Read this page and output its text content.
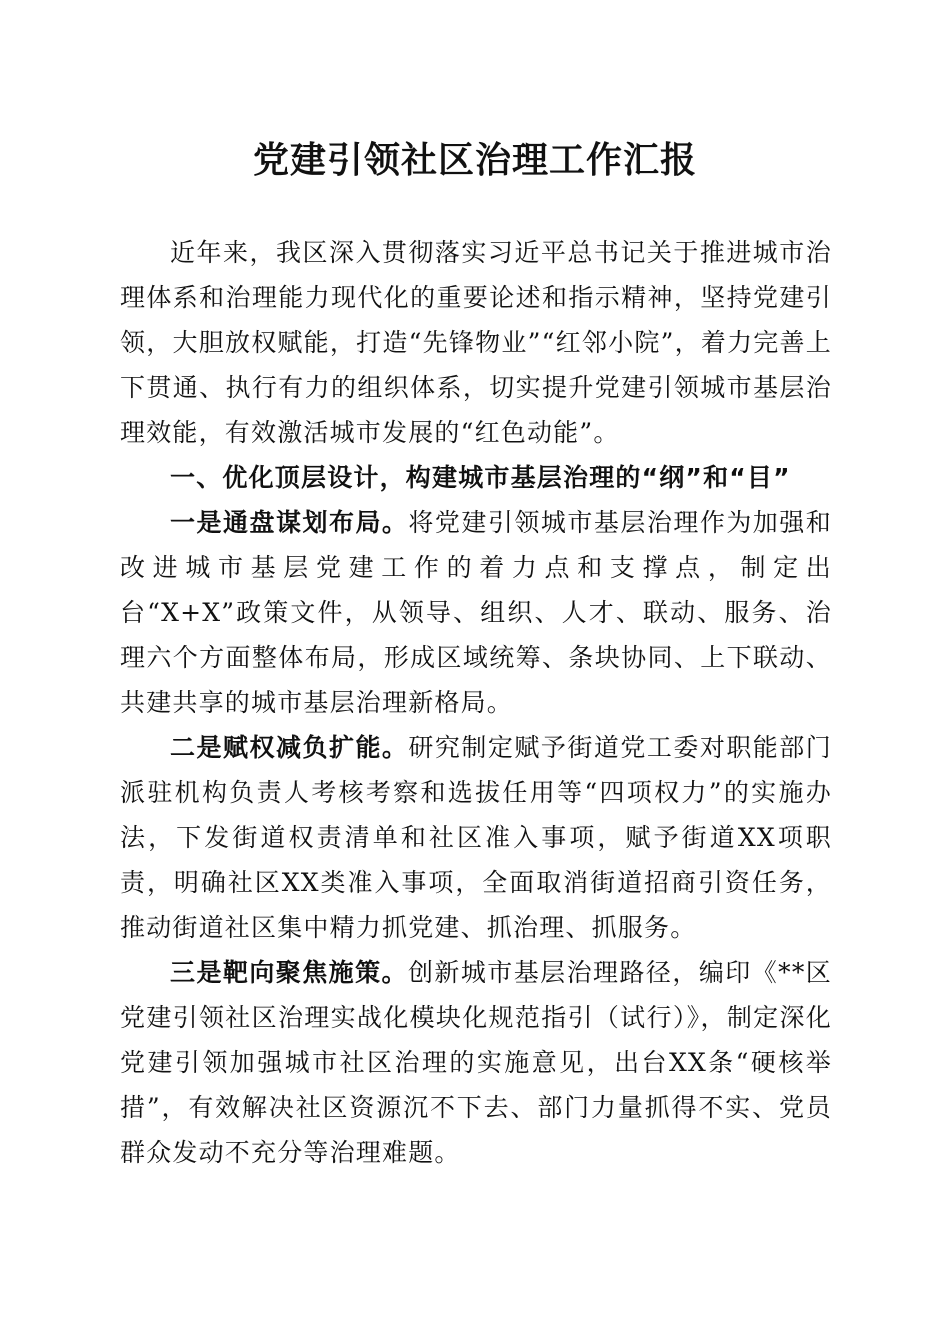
党建引领社区治理工作汇报

近年来，我区深入贯彻落实习近平总书记关于推进城市治理体系和治理能力现代化的重要论述和指示精神，坚持党建引领，大胆放权赋能，打造“先锋物业”“红邻小院”，着力完善上下贯通、执行有力的组织体系，切实提升党建引领城市基层治理效能，有效激活城市发展的“红色动能”。

一、优化顶层设计，构建城市基层治理的“纲”和“目”

一是通盘谋划布局。将党建引领城市基层治理作为加强和改进城市基层党建工作的着力点和支撑点，制定出台“X+X”政策文件，从领导、组织、人才、联动、服务、治理六个方面整体布局，形成区域统筹、条块协同、上下联动、共建共享的城市基层治理新格局。

二是赋权减负扩能。研究制定赋予街道党工委对职能部门派驻机构负责人考核考察和选拔任用等“四项权力”的实施办法，下发街道权责清单和社区准入事项，赋予街道XX项职责，明确社区XX类准入事项，全面取消街道招商引资任务，推动街道社区集中精力抓党建、抓治理、抓服务。

三是靶向聚焦施策。创新城市基层治理路径，编印《**区党建引领社区治理实战化模块化规范指引（试行）》，制定深化党建引领加强城市社区治理的实施意见，出台XX条“硬核举措”，有效解决社区资源沉不下去、部门力量抓得不实、党员群众发动不充分等治理难题。
